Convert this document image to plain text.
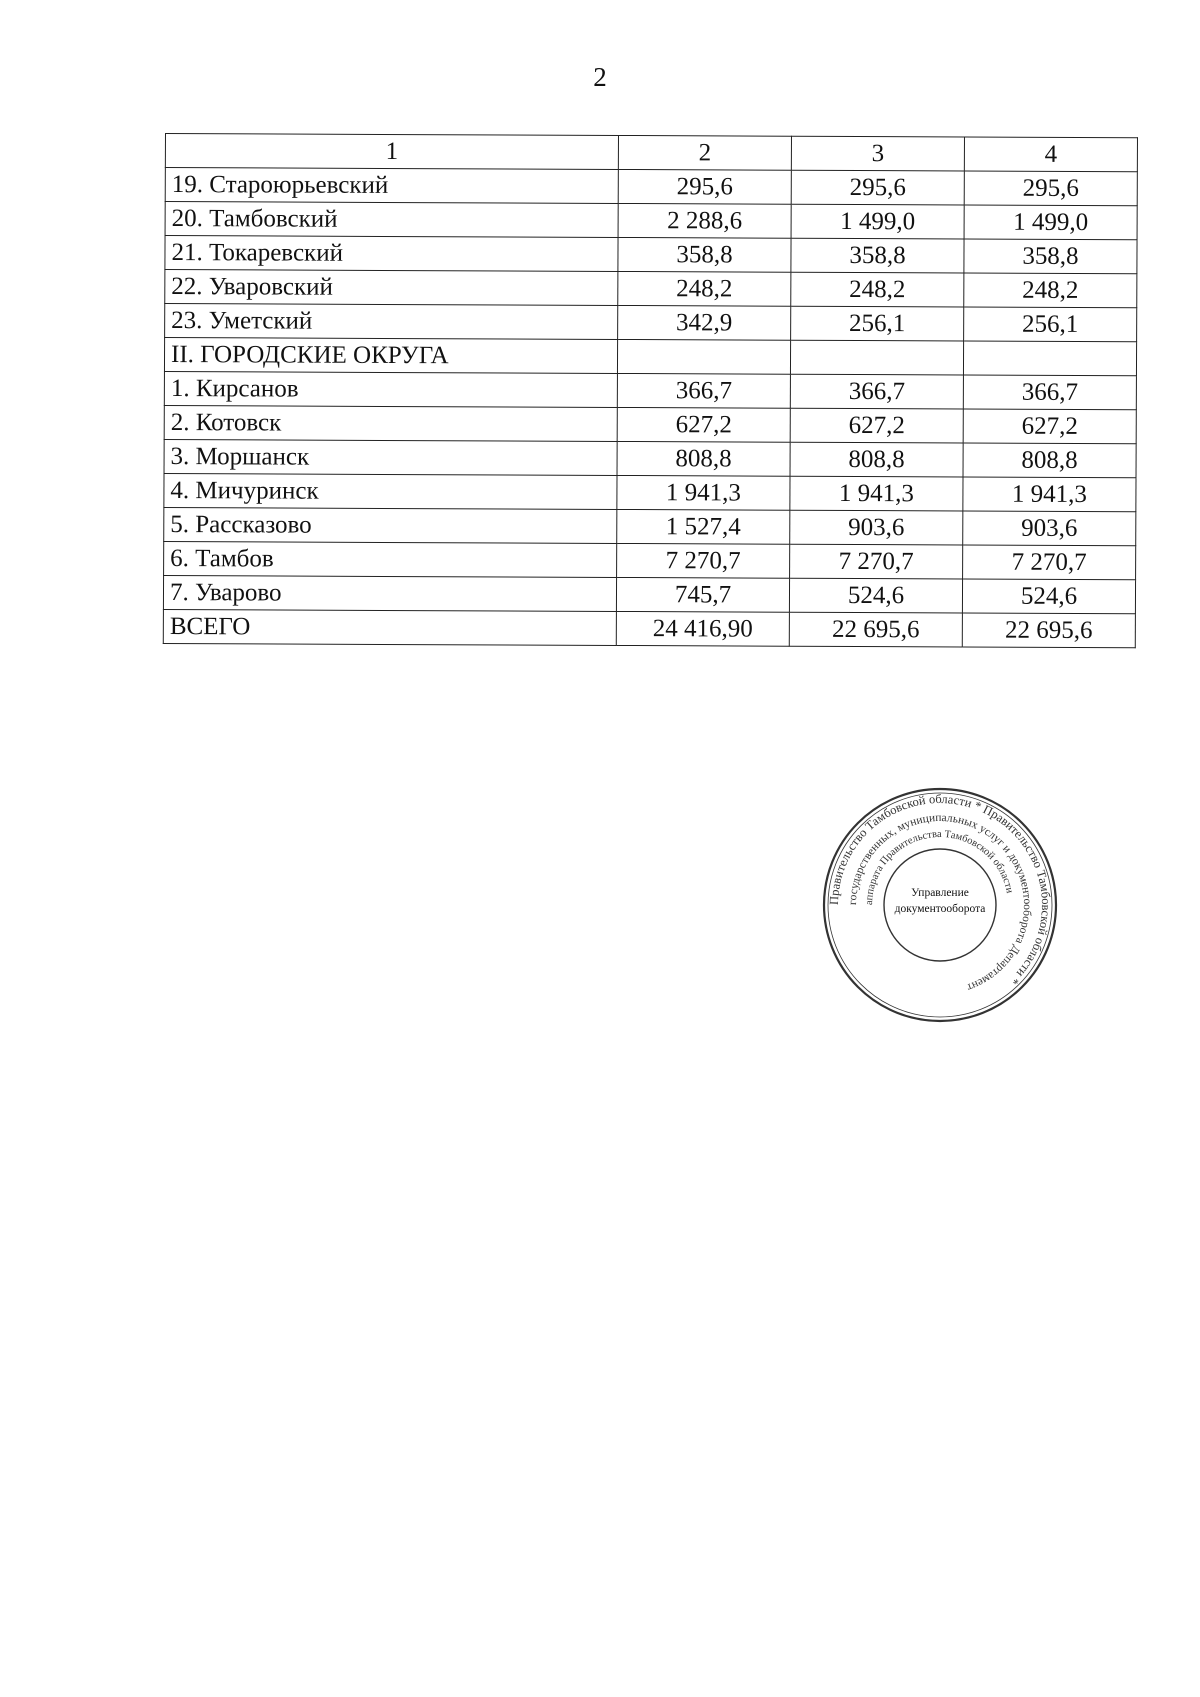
2
1	2	3	4
19. Староюрьевский	295,6	295,6	295,6
20. Тамбовский	2 288,6	1 499,0	1 499,0
21. Токаревский	358,8	358,8	358,8
22. Уваровский	248,2	248,2	248,2
23. Уметский	342,9	256,1	256,1
II. ГОРОДСКИЕ ОКРУГА			
1. Кирсанов	366,7	366,7	366,7
2. Котовск	627,2	627,2	627,2
3. Моршанск	808,8	808,8	808,8
4. Мичуринск	1 941,3	1 941,3	1 941,3
5. Рассказово	1 527,4	903,6	903,6
6. Тамбов	7 270,7	7 270,7	7 270,7
7. Уварово	745,7	524,6	524,6
ВСЕГО	24 416,90	22 695,6	22 695,6
Правительство Тамбовской области * Правительство Тамбовской области *
государственных, муниципальных услуг и документооборота Департамент
аппарата Правительства Тамбовской области
Управление
документооборота
